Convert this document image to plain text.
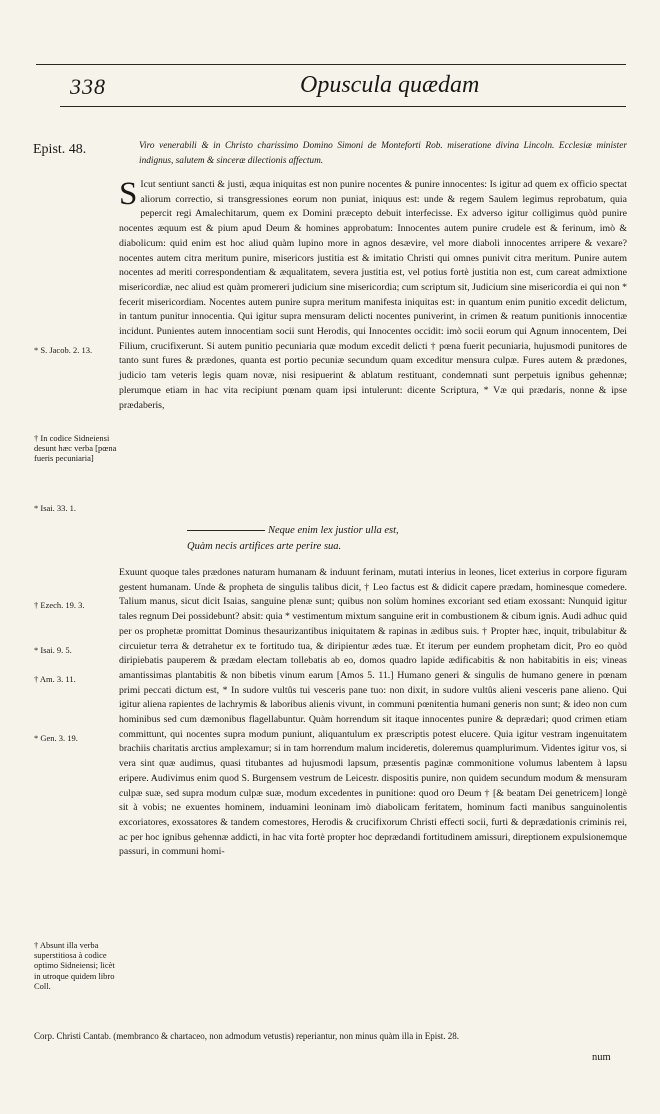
338	Opuscula quædam
Epist. 48.	Viro venerabili & in Christo charissimo Domino Simoni de Monteforti Rob. miseratione divina Lincoln. Ecclesiæ minister indignus, salutem & sinceræ dilectionis affectum.

S Icut sentiunt sancti & justi, æqua iniquitas est non punire nocentes & punire innocentes: Is igitur ad quem ex officio spectat aliorum correctio, si transgressiones eorum non puniat, iniquus est: unde & regem Saulem legimus reprobatum, quia pepercit regi Amalechitarum, quem ex Domini præcepto debuit interfecisse. Ex adverso igitur colligimus quòd punire nocentes æquum est & pium apud Deum & homines approbatum: Innocentes autem punire crudele est & ferinum, imò & diabolicum: quid enim est hoc aliud quàm lupino more in agnos desævire, vel more diaboli innocentes arripere & vexare? nocentes autem citra meritum punire, misericors justitia est & imitatio Christi qui omnes punivit citra meritum. Punire autem nocentes ad meriti correspondentiam & æqualitatem, severa justitia est, vel potius fortè justitia non est, cum careat admixtione misericordiæ, nec aliud est quàm promereri judicium sine misericordia; cum scriptum sit, Judicium sine misericordia ei qui non * fecerit misericordiam. Nocentes autem punire supra meritum manifesta iniquitas est: in quantum enim punitio excedit delictum, in tantum punitur innocentia. Qui igitur supra mensuram delicti nocentes puniverint, in crimen & reatum punitionis innocentiæ incidunt. Punientes autem innocentiam socii sunt Herodis, qui Innocentes occidit: imò socii eorum qui Agnum innocentem, Dei Filium, crucifixerunt. Si autem punitio pecuniaria quæ modum excedit delicti † pœna fuerit pecuniaria, hujusmodi punitores de tanto sunt fures & prædones, quanta est portio pecuniæ secundum quam exceditur mensura culpæ. Fures autem & prædones, judicio tam veteris legis quam novæ, nisi resipuerint & ablatum restituant, condemnati sunt perpetuis ignibus gehennæ; plerumque etiam in hac vita recipiunt pœnam quam ipsi intulerunt: dicente Scriptura, * Væ qui prædaris, nonne & ipse prædaberis,

Neque enim lex justior ulla est,
Quàm necis artifices arte perire sua.

Exuunt quoque tales prædones naturam humanam & induunt ferinam, mutati interius in leones, licet exterius in corpore figuram gestent humanam. Unde & propheta de singulis talibus dicit, † Leo factus est & didicit capere prædam, hominesque comedere. Talium manus, sicut dicit Isaias, sanguine plenæ sunt; quibus non solùm homines excoriant sed etiam exossant: Nunquid igitur tales regnum Dei possidebunt? absit: quia * vestimentum mixtum sanguine erit in combustionem & cibum ignis. Audi adhuc quid per os prophetæ promittat Dominus thesaurizantibus iniquitatem & rapinas in ædibus suis. † Propter hæc, inquit, tribulabitur & circuietur terra & detrahetur ex te fortitudo tua, & diripientur ædes tuæ. Et iterum per eundem prophetam dicit, Pro eo quòd diripiebatis pauperem & prædam electam tollebatis ab eo, domos quadro lapide ædificabitis & non habitabitis in eis; vineas amantissimas plantabitis & non bibetis vinum earum [Amos 5. 11.] Humano generi & singulis de humano genere in pœnam primi peccati dictum est, * In sudore vultûs tui vesceris pane tuo: non dixit, in sudore vultûs alieni vesceris pane alieno. Qui igitur aliena rapientes de lachrymis & laboribus alienis vivunt, in communi pœnitentia humani generis non sunt; & ideo non cum hominibus sed cum dæmonibus flagellabuntur. Quàm horrendum sit itaque innocentes punire & deprædari; quod crimen etiam committunt, qui nocentes supra modum puniunt, aliquantulum ex præscriptis potest elucere. Quia igitur vestram ingenuitatem brachiis charitatis arctius amplexamur; si in tam horrendum malum incideretis, doleremus quamplurimum. Videntes igitur vos, si vera sint quæ audimus, quasi titubantes ad hujusmodi lapsum, præsentis paginæ commonitione volumus labentem à lapsu eripere. Audivimus enim quod S. Burgensem vestrum de Leicestr. dispositis punire, non quidem secundum modum & mensuram culpæ suæ, sed supra modum culpæ suæ, modum excedentes in punitione: quod oro Deum † [& beatam Dei genetricem] longè sit à vobis; ne exuentes hominem, induamini leoninam imò diabolicam feritatem, hominum facti manibus sanguinolentis excoriatores, exossatores & tandem comestores, Herodis & crucifixorum Christi effecti socii, furti & deprædationis criminis rei, ac per hoc ignibus gehennæ addicti, in hac vita fortè propter hoc deprædandi fortitudinem amissuri, direptionem expulsionemque passuri, in communi homi-

* S. Jacob. 2. 13.
† In codice Sidneiensi desunt hæc verba [pœna fueris pecuniaria]
* Isai. 33. 1.
† Ezech. 19. 3.
* Isai. 9. 5.
† Am. 3. 11.
* Gen. 3. 19.
† Absunt illa verba superstitiosa à codice optimo Sidneiensi; licèt in utroque quidem libro Coll.
Corp. Christi Cantab. (membranco & chartaceo, non admodum vetustis) reperiantur, non minus quàm illa in Epist. 28.
num
